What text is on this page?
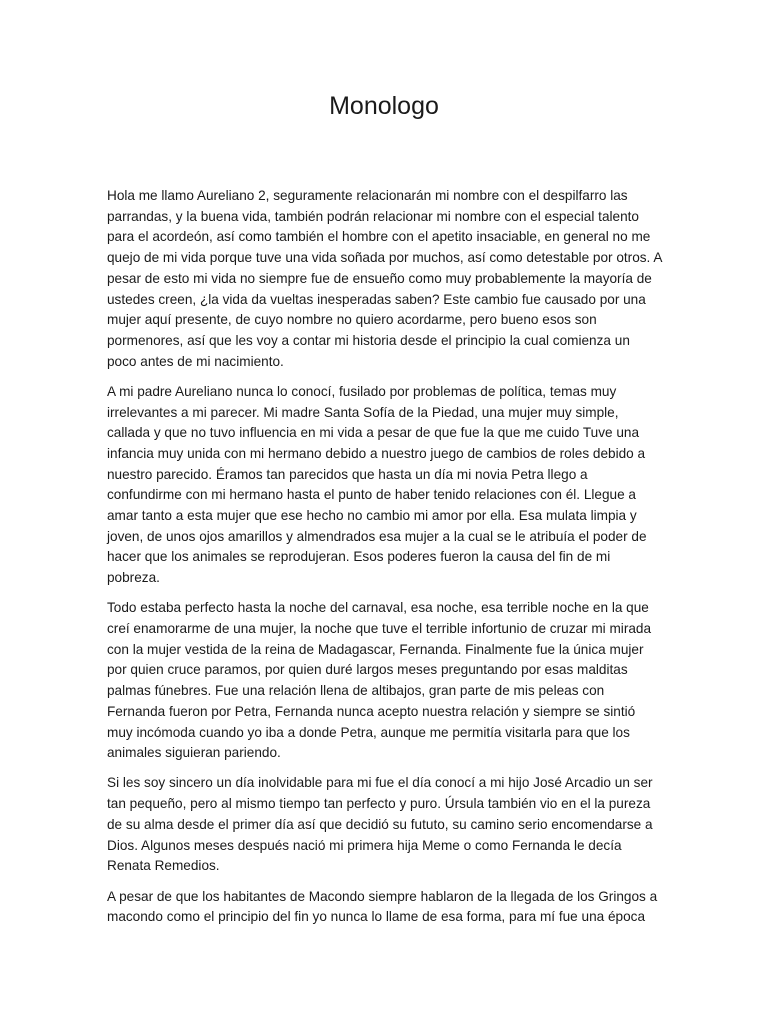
Monologo

Hola me llamo Aureliano 2, seguramente relacionarán mi nombre con el despilfarro las parrandas, y la buena vida, también podrán relacionar mi nombre con el especial talento para el acordeón, así como también el hombre con el apetito insaciable, en general no me quejo de mi vida porque tuve una vida soñada por muchos, así como detestable por otros. A pesar de esto mi vida no siempre fue de ensueño como muy probablemente la mayoría de ustedes creen, ¿la vida da vueltas inesperadas saben? Este cambio fue causado por una mujer aquí presente, de cuyo nombre no quiero acordarme, pero bueno esos son pormenores, así que les voy a contar mi historia desde el principio la cual comienza un poco antes de mi nacimiento.

A mi padre Aureliano nunca lo conocí, fusilado por problemas de política, temas muy irrelevantes a mi parecer. Mi madre Santa Sofía de la Piedad, una mujer muy simple, callada y que no tuvo influencia en mi vida a pesar de que fue la que me cuido Tuve una infancia muy unida con mi hermano debido a nuestro juego de cambios de roles debido a nuestro parecido. Éramos tan parecidos que hasta un día mi novia Petra llego a confundirme con mi hermano hasta el punto de haber tenido relaciones con él. Llegue a amar tanto a esta mujer que ese hecho no cambio mi amor por ella. Esa mulata limpia y joven, de unos ojos amarillos y almendrados esa mujer a la cual se le atribuía el poder de hacer que los animales se reprodujeran. Esos poderes fueron la causa del fin de mi pobreza.

Todo estaba perfecto hasta la noche del carnaval, esa noche, esa terrible noche en la que creí enamorarme de una mujer, la noche que tuve el terrible infortunio de cruzar mi mirada con la mujer vestida de la reina de Madagascar, Fernanda. Finalmente fue la única mujer por quien cruce paramos, por quien duré largos meses preguntando por esas malditas palmas fúnebres. Fue una relación llena de altibajos, gran parte de mis peleas con Fernanda fueron por Petra, Fernanda nunca acepto nuestra relación y siempre se sintió muy incómoda cuando yo iba a donde Petra, aunque me permitía visitarla para que los animales siguieran pariendo.

Si les soy sincero un día inolvidable para mi fue el día conocí a mi hijo José Arcadio un ser tan pequeño, pero al mismo tiempo tan perfecto y puro. Úrsula también vio en el la pureza de su alma desde el primer día así que decidió su fututo, su camino serio encomendarse a Dios. Algunos meses después nació mi primera hija Meme o como Fernanda le decía Renata Remedios.

A pesar de que los habitantes de Macondo siempre hablaron de la llegada de los Gringos a macondo como el principio del fin yo nunca lo llame de esa forma, para mí fue una época
